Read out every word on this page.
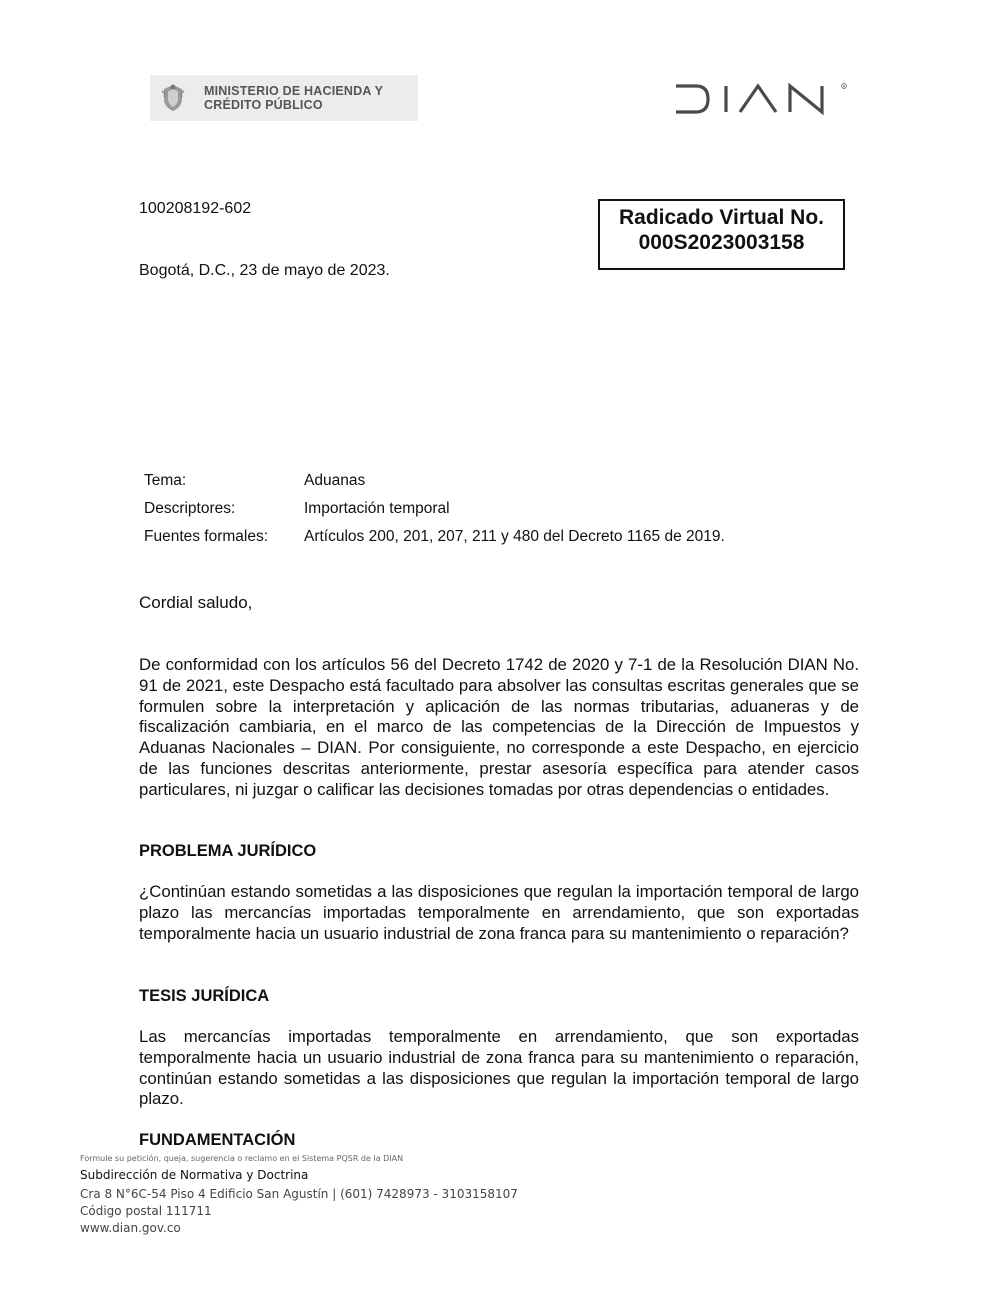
MINISTERIO DE HACIENDA Y
CRÉDITO PÚBLICO
R
100208192-602
Bogotá, D.C., 23 de mayo de 2023.
Radicado Virtual No.
000S2023003158
Tema:	Aduanas
Descriptores:	Importación temporal
Fuentes formales: Artículos 200, 201, 207, 211 y 480 del Decreto 1165 de 2019.
Cordial saludo,
De conformidad con los artículos 56 del Decreto 1742 de 2020 y 7-1 de la Resolución DIAN No. 91 de 2021, este Despacho está facultado para absolver las consultas escritas generales que se formulen sobre la interpretación y aplicación de las normas tributarias, aduaneras y de fiscalización cambiaria, en el marco de las competencias de la Dirección de Impuestos y Aduanas Nacionales – DIAN. Por consiguiente, no corresponde a este Despacho, en ejercicio de las funciones descritas anteriormente, prestar asesoría específica para atender casos particulares, ni juzgar o calificar las decisiones tomadas por otras dependencias o entidades.
PROBLEMA JURÍDICO
¿Continúan estando sometidas a las disposiciones que regulan la importación temporal de largo plazo las mercancías importadas temporalmente en arrendamiento, que son exportadas temporalmente hacia un usuario industrial de zona franca para su mantenimiento o reparación?
TESIS JURÍDICA
Las mercancías importadas temporalmente en arrendamiento, que son exportadas temporalmente hacia un usuario industrial de zona franca para su mantenimiento o reparación, continúan estando sometidas a las disposiciones que regulan la importación temporal de largo plazo.
FUNDAMENTACIÓN
Formule su petición, queja, sugerencia o reclamo en el Sistema PQSR de la DIAN
Subdirección de Normativa y Doctrina
Cra 8 N°6C-54 Piso 4 Edificio San Agustín | (601) 7428973 - 3103158107
Código postal 111711
www.dian.gov.co
